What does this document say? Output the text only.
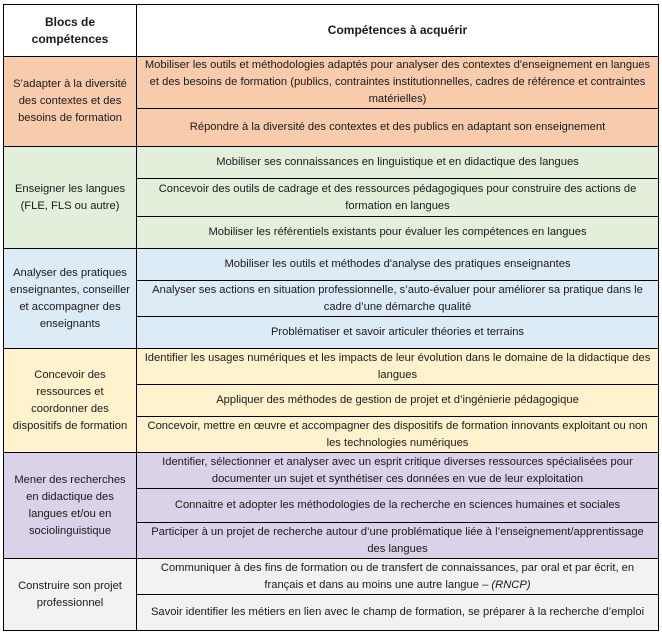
Blocs de compétences	Compétences à acquérir
S’adapter à la diversité des contextes et des besoins de formation	Mobiliser les outils et méthodologies adaptés pour analyser des contextes d'enseignement en langues et des besoins de formation (publics, contraintes institutionnelles, cadres de référence et contraintes matérielles)
	Répondre à la diversité des contextes et des publics en adaptant son enseignement
Enseigner les langues (FLE, FLS ou autre)	Mobiliser ses connaissances en linguistique et en didactique des langues
	Concevoir des outils de cadrage et des ressources pédagogiques pour construire des actions de formation en langues
	Mobiliser les référentiels existants pour évaluer les compétences en langues
Analyser des pratiques enseignantes, conseiller et accompagner des enseignants	Mobiliser les outils et méthodes d'analyse des pratiques enseignantes
	Analyser ses actions en situation professionnelle, s’auto-évaluer pour améliorer sa pratique dans le cadre d’une démarche qualité
	Problématiser et savoir articuler théories et terrains
Concevoir des ressources et coordonner des dispositifs de formation	Identifier les usages numériques et les impacts de leur évolution dans le domaine de la didactique des langues
	Appliquer des méthodes de gestion de projet et d’ingénierie pédagogique
	Concevoir, mettre en œuvre et accompagner des dispositifs de formation innovants exploitant ou non les technologies numériques
Mener des recherches en didactique des langues et/ou en sociolinguistique	Identifier, sélectionner et analyser avec un esprit critique diverses ressources spécialisées pour documenter un sujet et synthétiser ces données en vue de leur exploitation
	Connaitre et adopter les méthodologies de la recherche en sciences humaines et sociales
	Participer à un projet de recherche autour d’une problématique liée à l’enseignement/apprentissage des langues
Construire son projet professionnel	Communiquer à des fins de formation ou de transfert de connaissances, par oral et par écrit, en français et dans au moins une autre langue – (RNCP)
	Savoir identifier les métiers en lien avec le champ de formation, se préparer à la recherche d’emploi
